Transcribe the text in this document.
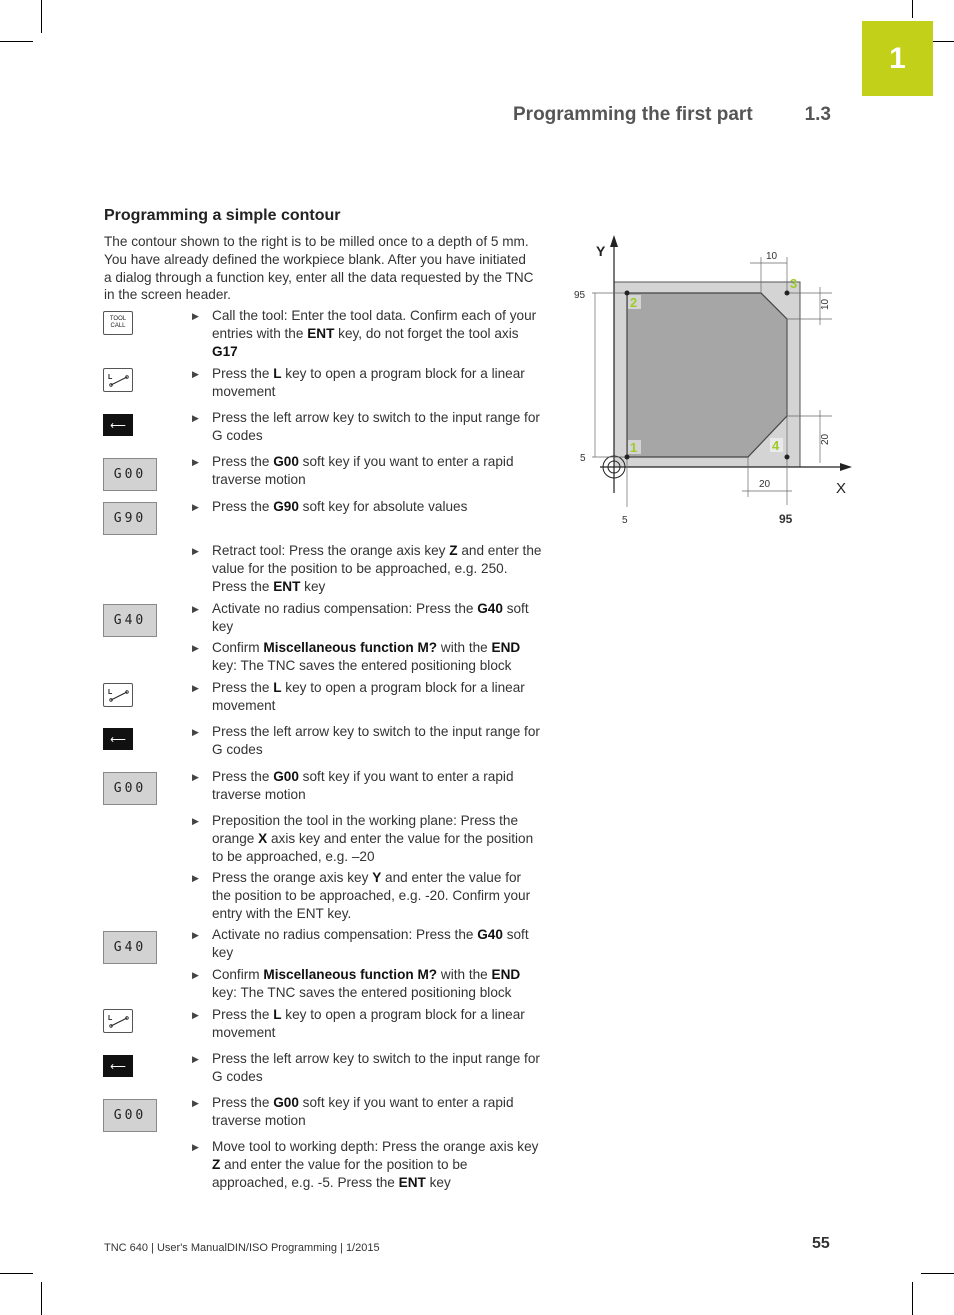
1
Programming the first part	1.3
Programming a simple contour
The contour shown to the right is to be milled once to a depth of 5 mm. You have already defined the workpiece blank. After you have initiated a dialog through a function key, enter all the data requested by the TNC in the screen header.
TOOL
CALL
L
⟵
G00
G90
G40
L
⟵
G00
G40
L
⟵
G00
▶ Call the tool: Enter the tool data. Confirm each of your entries with the ENT key, do not forget the tool axis G17
▶ Press the L key to open a program block for a linear movement
▶ Press the left arrow key to switch to the input range for G codes
▶ Press the G00 soft key if you want to enter a rapid traverse motion
▶ Press the G90 soft key for absolute values
▶ Retract tool: Press the orange axis key Z and enter the value for the position to be approached, e.g. 250. Press the ENT key
▶ Activate no radius compensation: Press the G40 soft key
▶ Confirm Miscellaneous function M? with the END key: The TNC saves the entered positioning block
▶ Press the L key to open a program block for a linear movement
▶ Press the left arrow key to switch to the input range for G codes
▶ Press the G00 soft key if you want to enter a rapid traverse motion
▶ Preposition the tool in the working plane: Press the orange X axis key and enter the value for the position to be approached, e.g. –20
▶ Press the orange axis key Y and enter the value for the position to be approached, e.g. -20. Confirm your entry with the ENT key.
▶ Activate no radius compensation: Press the G40 soft key
▶ Confirm Miscellaneous function M? with the END key: The TNC saves the entered positioning block
▶ Press the L key to open a program block for a linear movement
▶ Press the left arrow key to switch to the input range for G codes
▶ Press the G00 soft key if you want to enter a rapid traverse motion
▶ Move tool to working depth: Press the orange axis key Z and enter the value for the position to be approached, e.g. -5. Press the ENT key
Y
X
95
5
5	95
10
10
20
20
1
2
3
4
TNC 640 | User's ManualDIN/ISO Programming | 1/2015	55
